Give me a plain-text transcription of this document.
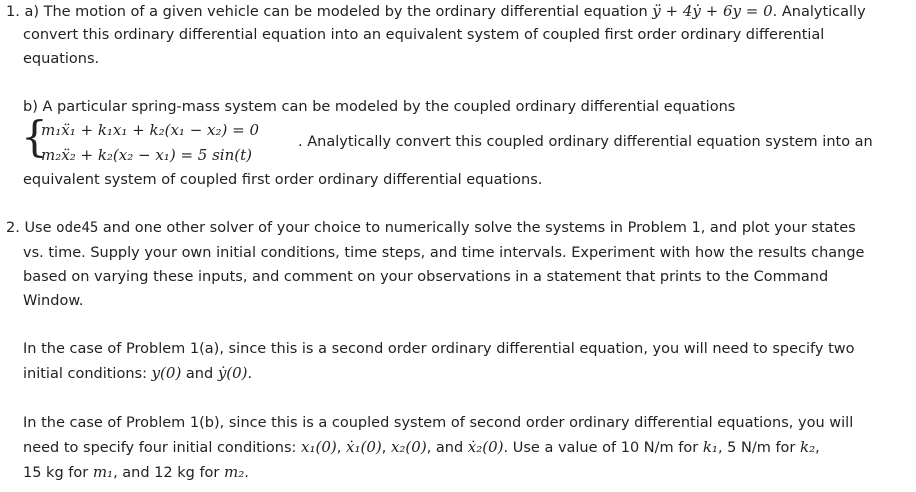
1. a) The motion of a given vehicle can be modeled by the ordinary differential equation ÿ + 4ẏ + 6y = 0. Analytically
convert this ordinary differential equation into an equivalent system of coupled first order ordinary differential
equations.
b) A particular spring-mass system can be modeled by the coupled ordinary differential equations
{
m₁ẍ₁ + k₁x₁ + k₂(x₁ − x₂) = 0
m₂ẍ₂ + k₂(x₂ − x₁) = 5 sin(t)
. Analytically convert this coupled ordinary differential equation system into an
equivalent system of coupled first order ordinary differential equations.
2. Use ode45 and one other solver of your choice to numerically solve the systems in Problem 1, and plot your states
vs. time. Supply your own initial conditions, time steps, and time intervals. Experiment with how the results change
based on varying these inputs, and comment on your observations in a statement that prints to the Command
Window.
In the case of Problem 1(a), since this is a second order ordinary differential equation, you will need to specify two
initial conditions: y(0) and ẏ(0).
In the case of Problem 1(b), since this is a coupled system of second order ordinary differential equations, you will
need to specify four initial conditions: x₁(0), ẋ₁(0), x₂(0), and ẋ₂(0). Use a value of 10 N/m for k₁, 5 N/m for k₂,
15 kg for m₁, and 12 kg for m₂.
